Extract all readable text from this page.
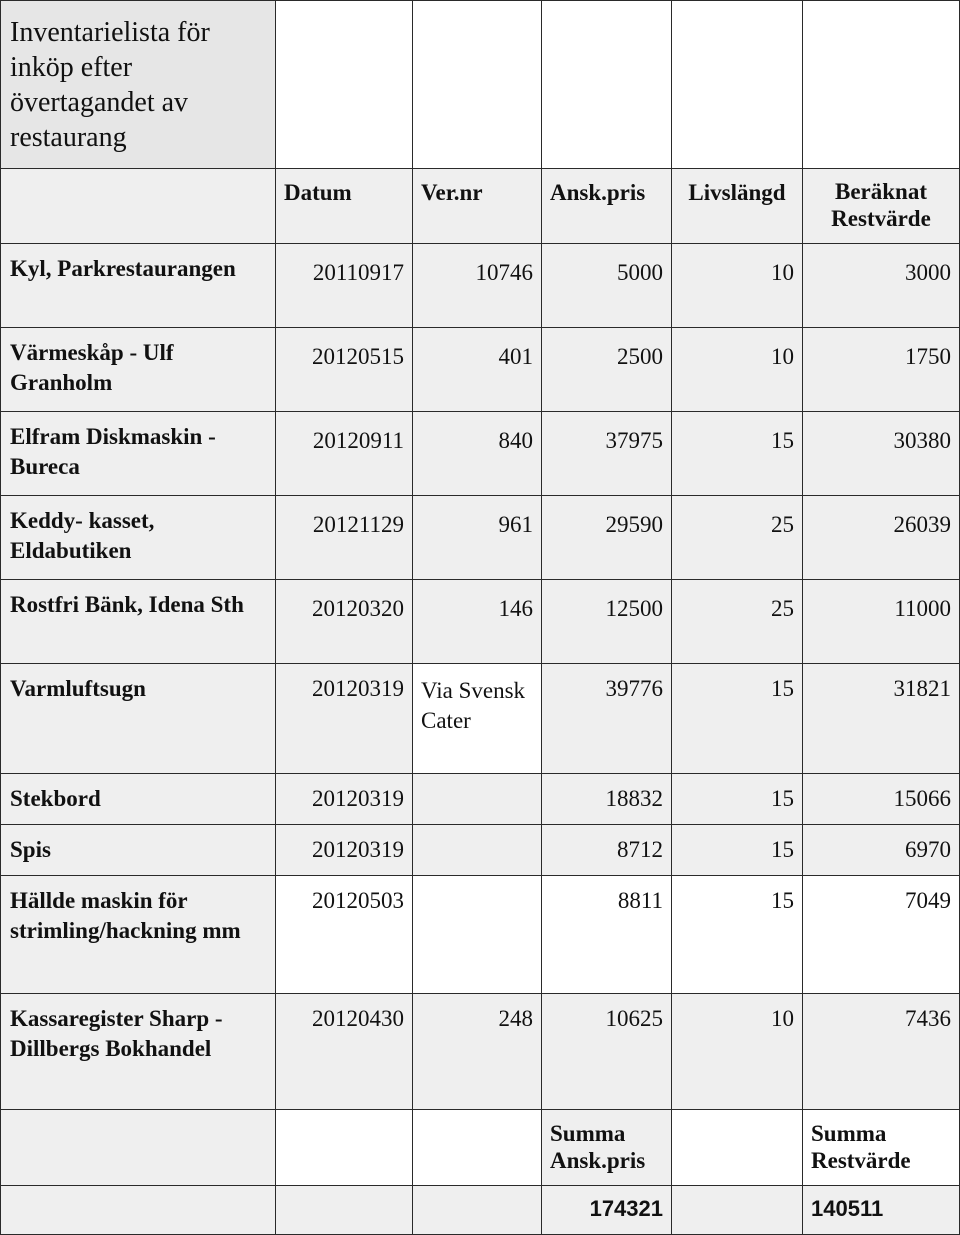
Inventarielista för inköp efter övertagandet av restaurang					
	Datum	Ver.nr	Ansk.pris	Livslängd	Beräknat Restvärde
Kyl, Parkrestaurangen	20110917	10746	5000	10	3000
Värmeskåp - Ulf Granholm	20120515	401	2500	10	1750
Elfram Diskmaskin - Bureca	20120911	840	37975	15	30380
Keddy- kasset, Eldabutiken	20121129	961	29590	25	26039
Rostfri Bänk, Idena Sth	20120320	146	12500	25	11000
Varmluftsugn	20120319	Via Svensk Cater	39776	15	31821
Stekbord	20120319		18832	15	15066
Spis	20120319		8712	15	6970
Hällde maskin för strimling/hackning mm	20120503		8811	15	7049
Kassaregister Sharp - Dillbergs Bokhandel	20120430	248	10625	10	7436
			Summa Ansk.pris		Summa Restvärde
			174321		140511
